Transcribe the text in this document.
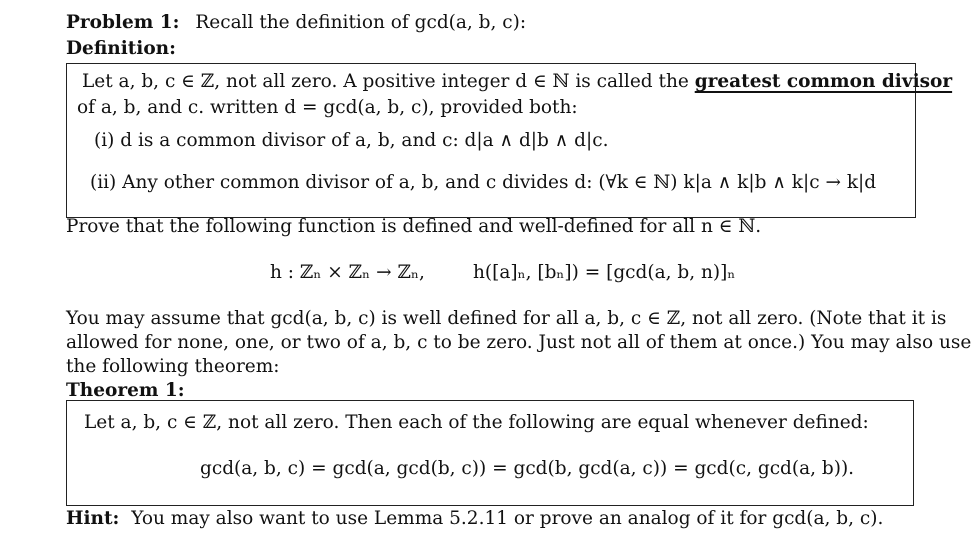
Problem 1: Recall the definition of gcd(a, b, c):
Definition:
Let a, b, c ∈ ℤ, not all zero. A positive integer d ∈ ℕ is called the greatest common divisor
of a, b, and c. written d = gcd(a, b, c), provided both:
(i) d is a common divisor of a, b, and c: d|a ∧ d|b ∧ d|c.
(ii) Any other common divisor of a, b, and c divides d: (∀k ∈ ℕ) k|a ∧ k|b ∧ k|c → k|d
Prove that the following function is defined and well-defined for all n ∈ ℕ.
h : ℤₙ × ℤₙ → ℤₙ,	h([a]ₙ, [bₙ]) = [gcd(a, b, n)]ₙ
You may assume that gcd(a, b, c) is well defined for all a, b, c ∈ ℤ, not all zero. (Note that it is
allowed for none, one, or two of a, b, c to be zero. Just not all of them at once.) You may also use
the following theorem:
Theorem 1:
Let a, b, c ∈ ℤ, not all zero. Then each of the following are equal whenever defined:
gcd(a, b, c) = gcd(a, gcd(b, c)) = gcd(b, gcd(a, c)) = gcd(c, gcd(a, b)).
Hint: You may also want to use Lemma 5.2.11 or prove an analog of it for gcd(a, b, c).
